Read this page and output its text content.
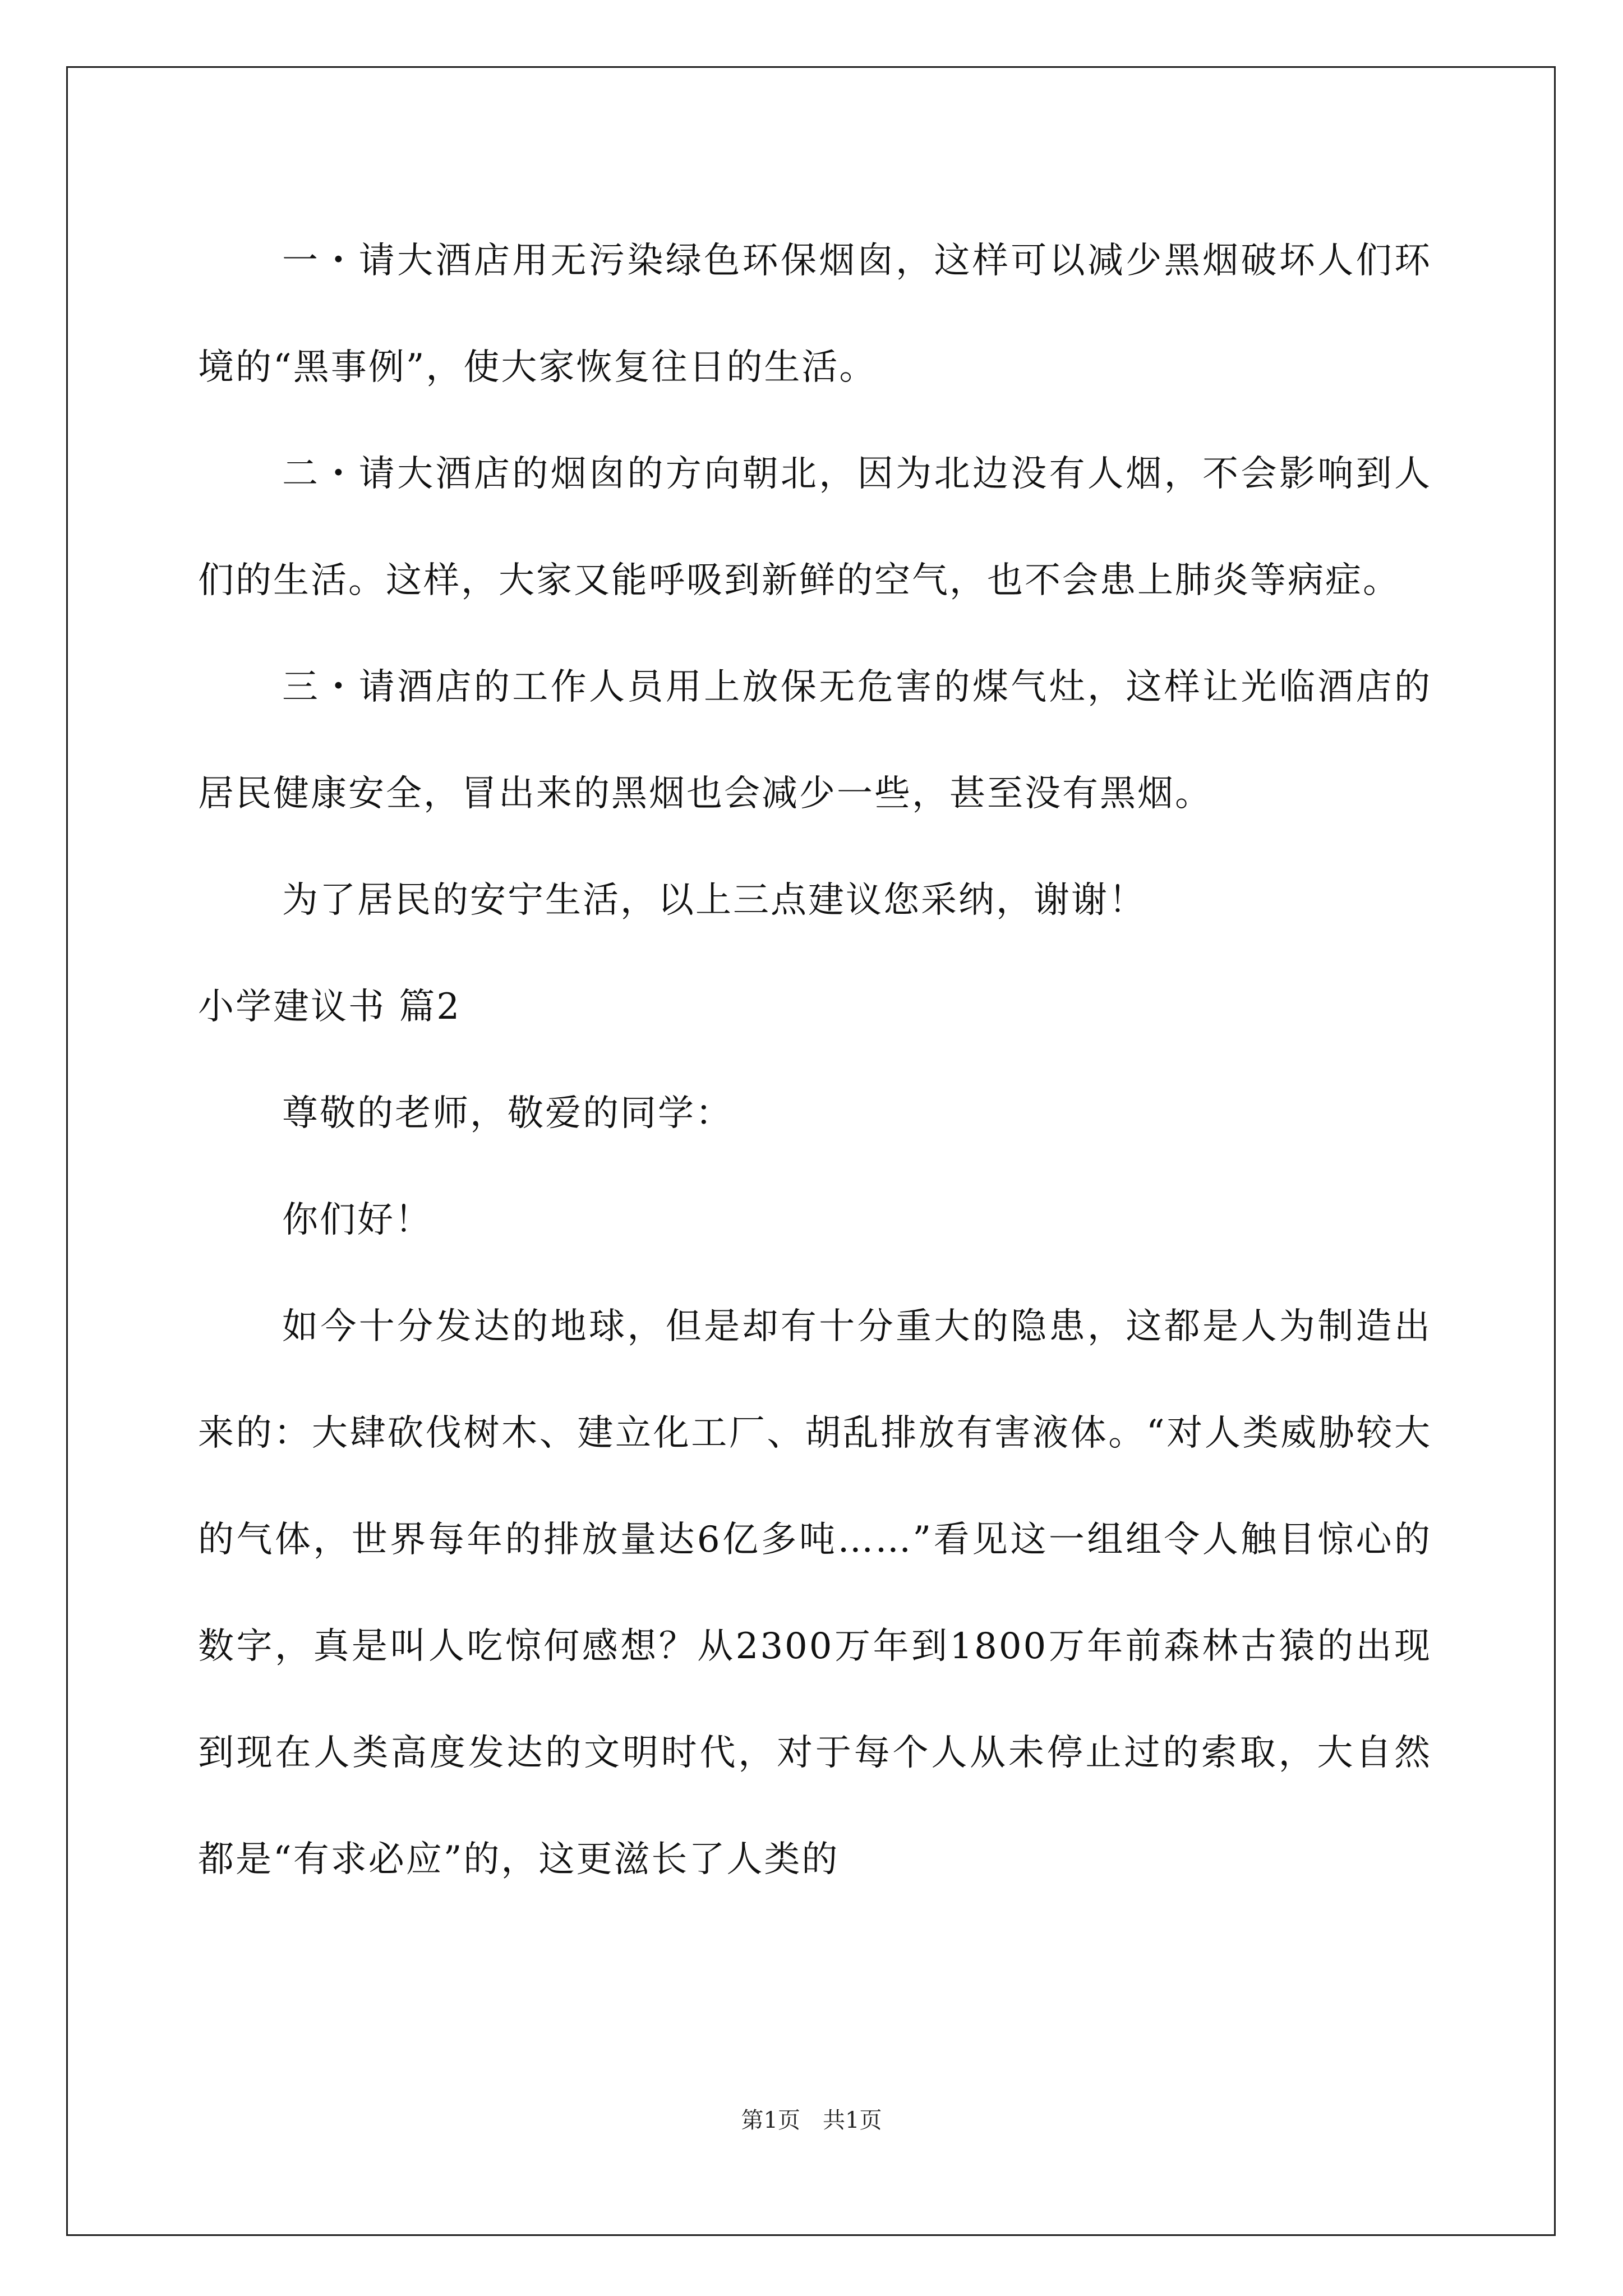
一・请大酒店用无污染绿色环保烟囱，这样可以减少黑烟破坏人们环境的“黑事例”，使大家恢复往日的生活。

二・请大酒店的烟囱的方向朝北，因为北边没有人烟，不会影响到人们的生活。这样，大家又能呼吸到新鲜的空气，也不会患上肺炎等病症。

三・请酒店的工作人员用上放保无危害的煤气灶，这样让光临酒店的居民健康安全，冒出来的黑烟也会减少一些，甚至没有黑烟。

为了居民的安宁生活，以上三点建议您采纳，谢谢！

小学建议书 篇2

尊敬的老师，敬爱的同学：

你们好！

如今十分发达的地球，但是却有十分重大的隐患，这都是人为制造出来的：大肆砍伐树木、建立化工厂、胡乱排放有害液体。“对人类威胁较大的气体，世界每年的排放量达6亿多吨……”看见这一组组令人触目惊心的数字，真是叫人吃惊何感想？从2300万年到1800万年前森林古猿的出现到现在人类高度发达的文明时代，对于每个人从未停止过的索取，大自然都是“有求必应”的，这更滋长了人类的

第1页　共1页
